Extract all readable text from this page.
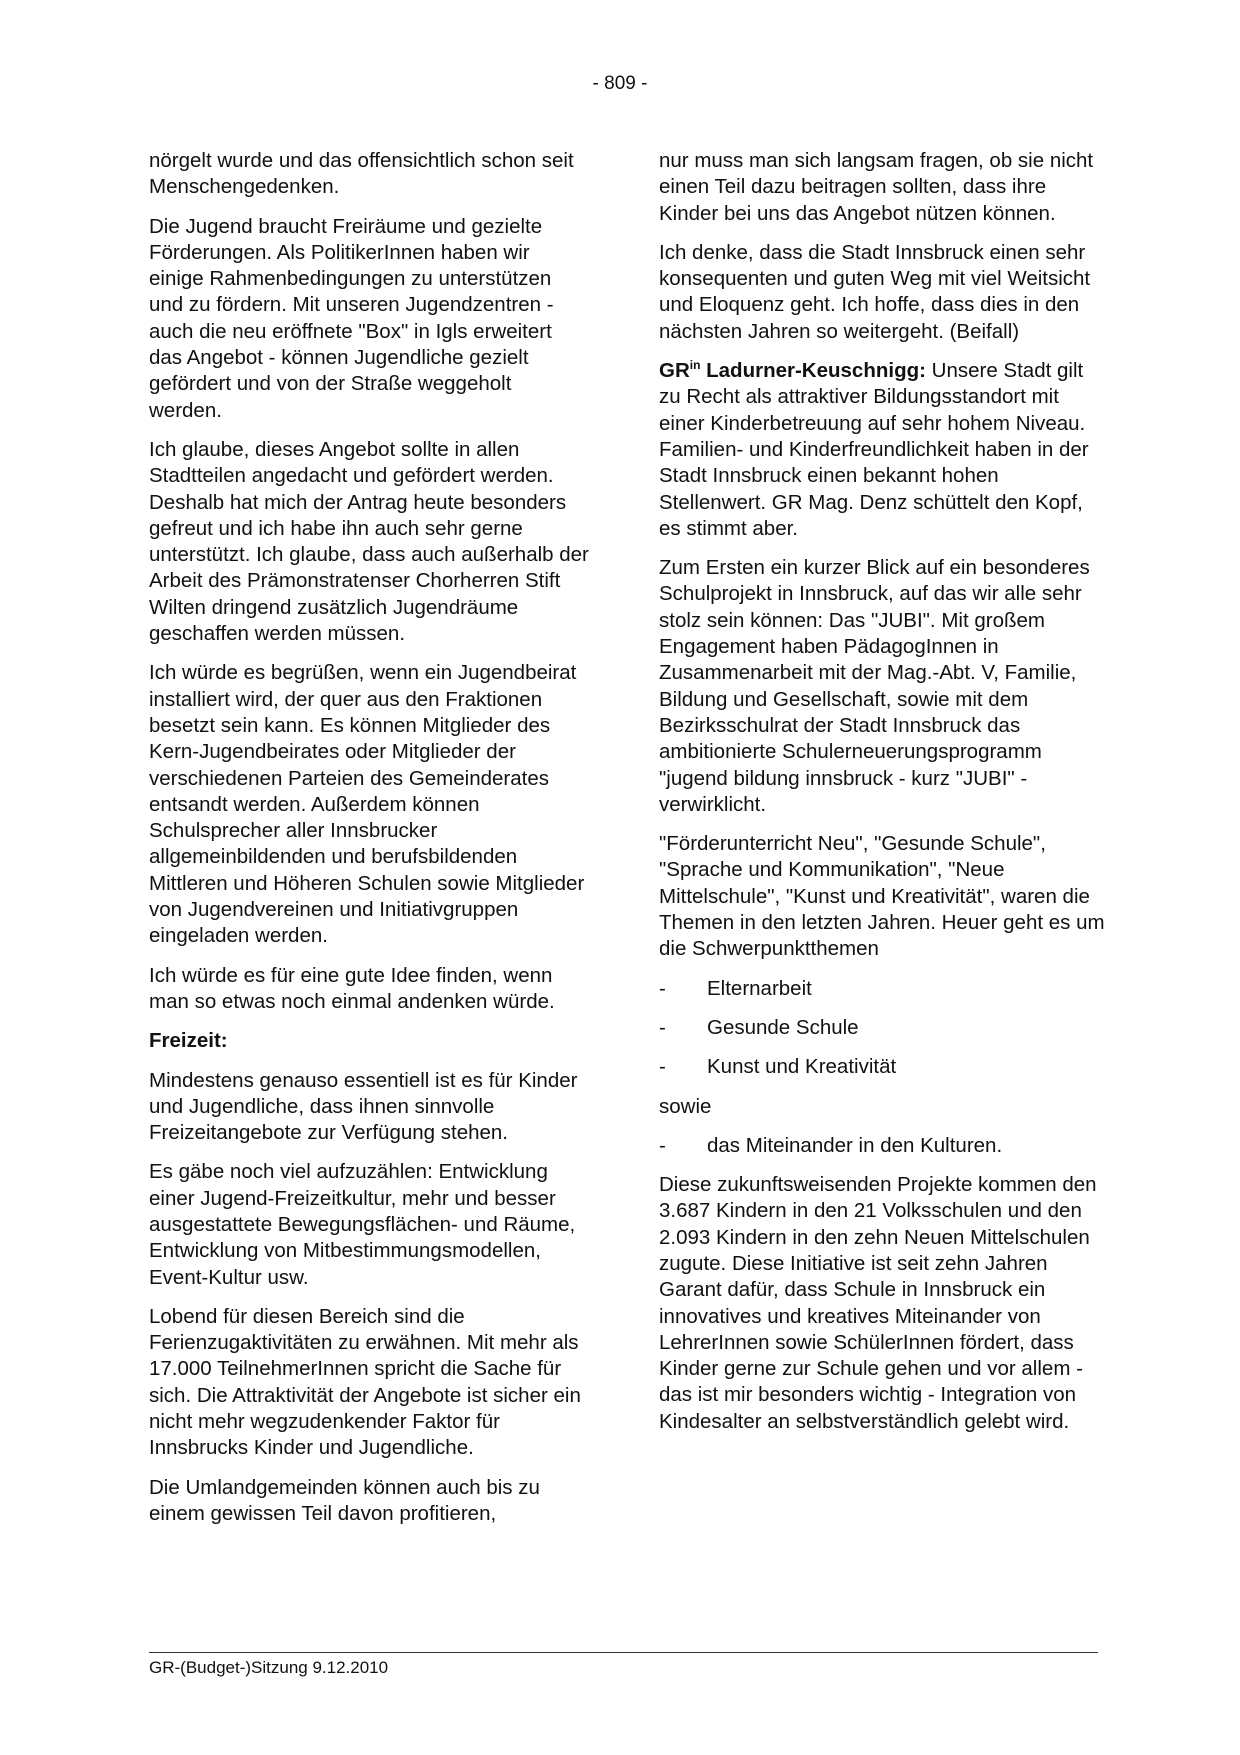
- 809 -

nörgelt wurde und das offensichtlich schon seit Menschengedenken.

Die Jugend braucht Freiräume und gezielte Förderungen. Als PolitikerInnen haben wir einige Rahmenbedingungen zu unterstützen und zu fördern. Mit unseren Jugendzentren - auch die neu eröffnete "Box" in Igls erweitert das Angebot - können Jugendliche gezielt gefördert und von der Straße weggeholt werden.

Ich glaube, dieses Angebot sollte in allen Stadtteilen angedacht und gefördert werden. Deshalb hat mich der Antrag heute besonders gefreut und ich habe ihn auch sehr gerne unterstützt. Ich glaube, dass auch außerhalb der Arbeit des Prämonstratenser Chorherren Stift Wilten dringend zusätzlich Jugendräume geschaffen werden müssen.

Ich würde es begrüßen, wenn ein Jugendbeirat installiert wird, der quer aus den Fraktionen besetzt sein kann. Es können Mitglieder des Kern-Jugendbeirates oder Mitglieder der verschiedenen Parteien des Gemeinderates entsandt werden. Außerdem können Schulsprecher aller Innsbrucker allgemeinbildenden und berufsbildenden Mittleren und Höheren Schulen sowie Mitglieder von Jugendvereinen und Initiativgruppen eingeladen werden.

Ich würde es für eine gute Idee finden, wenn man so etwas noch einmal andenken würde.

Freizeit:

Mindestens genauso essentiell ist es für Kinder und Jugendliche, dass ihnen sinnvolle Freizeitangebote zur Verfügung stehen.

Es gäbe noch viel aufzuzählen: Entwicklung einer Jugend-Freizeitkultur, mehr und besser ausgestattete Bewegungsflächen- und Räume, Entwicklung von Mitbestimmungsmodellen, Event-Kultur usw.

Lobend für diesen Bereich sind die Ferienzugaktivitäten zu erwähnen. Mit mehr als 17.000 TeilnehmerInnen spricht die Sache für sich. Die Attraktivität der Angebote ist sicher ein nicht mehr wegzudenkender Faktor für Innsbrucks Kinder und Jugendliche.

Die Umlandgemeinden können auch bis zu einem gewissen Teil davon profitieren,

nur muss man sich langsam fragen, ob sie nicht einen Teil dazu beitragen sollten, dass ihre Kinder bei uns das Angebot nützen können.

Ich denke, dass die Stadt Innsbruck einen sehr konsequenten und guten Weg mit viel Weitsicht und Eloquenz geht. Ich hoffe, dass dies in den nächsten Jahren so weitergeht. (Beifall)

$GR^{in}$ Ladurner-Keuschnigg: Unsere Stadt gilt zu Recht als attraktiver Bildungsstandort mit einer Kinderbetreuung auf sehr hohem Niveau. Familien- und Kinderfreundlichkeit haben in der Stadt Innsbruck einen bekannt hohen Stellenwert. GR Mag. Denz schüttelt den Kopf, es stimmt aber.

Zum Ersten ein kurzer Blick auf ein besonderes Schulprojekt in Innsbruck, auf das wir alle sehr stolz sein können: Das "JUBI". Mit großem Engagement haben PädagogInnen in Zusammenarbeit mit der Mag.-Abt. V, Familie, Bildung und Gesellschaft, sowie mit dem Bezirksschulrat der Stadt Innsbruck das ambitionierte Schulerneuerungsprogramm "jugend bildung innsbruck - kurz "JUBI" - verwirklicht.

"Förderunterricht Neu", "Gesunde Schule", "Sprache und Kommunikation", "Neue Mittelschule", "Kunst und Kreativität", waren die Themen in den letzten Jahren. Heuer geht es um die Schwerpunktthemen

-	Elternarbeit
-	Gesunde Schule
-	Kunst und Kreativität

sowie

-	das Miteinander in den Kulturen.

Diese zukunftsweisenden Projekte kommen den 3.687 Kindern in den 21 Volksschulen und den 2.093 Kindern in den zehn Neuen Mittelschulen zugute. Diese Initiative ist seit zehn Jahren Garant dafür, dass Schule in Innsbruck ein innovatives und kreatives Miteinander von LehrerInnen sowie SchülerInnen fördert, dass Kinder gerne zur Schule gehen und vor allem - das ist mir besonders wichtig - Integration von Kindesalter an selbstverständlich gelebt wird.

GR-(Budget-)Sitzung 9.12.2010
